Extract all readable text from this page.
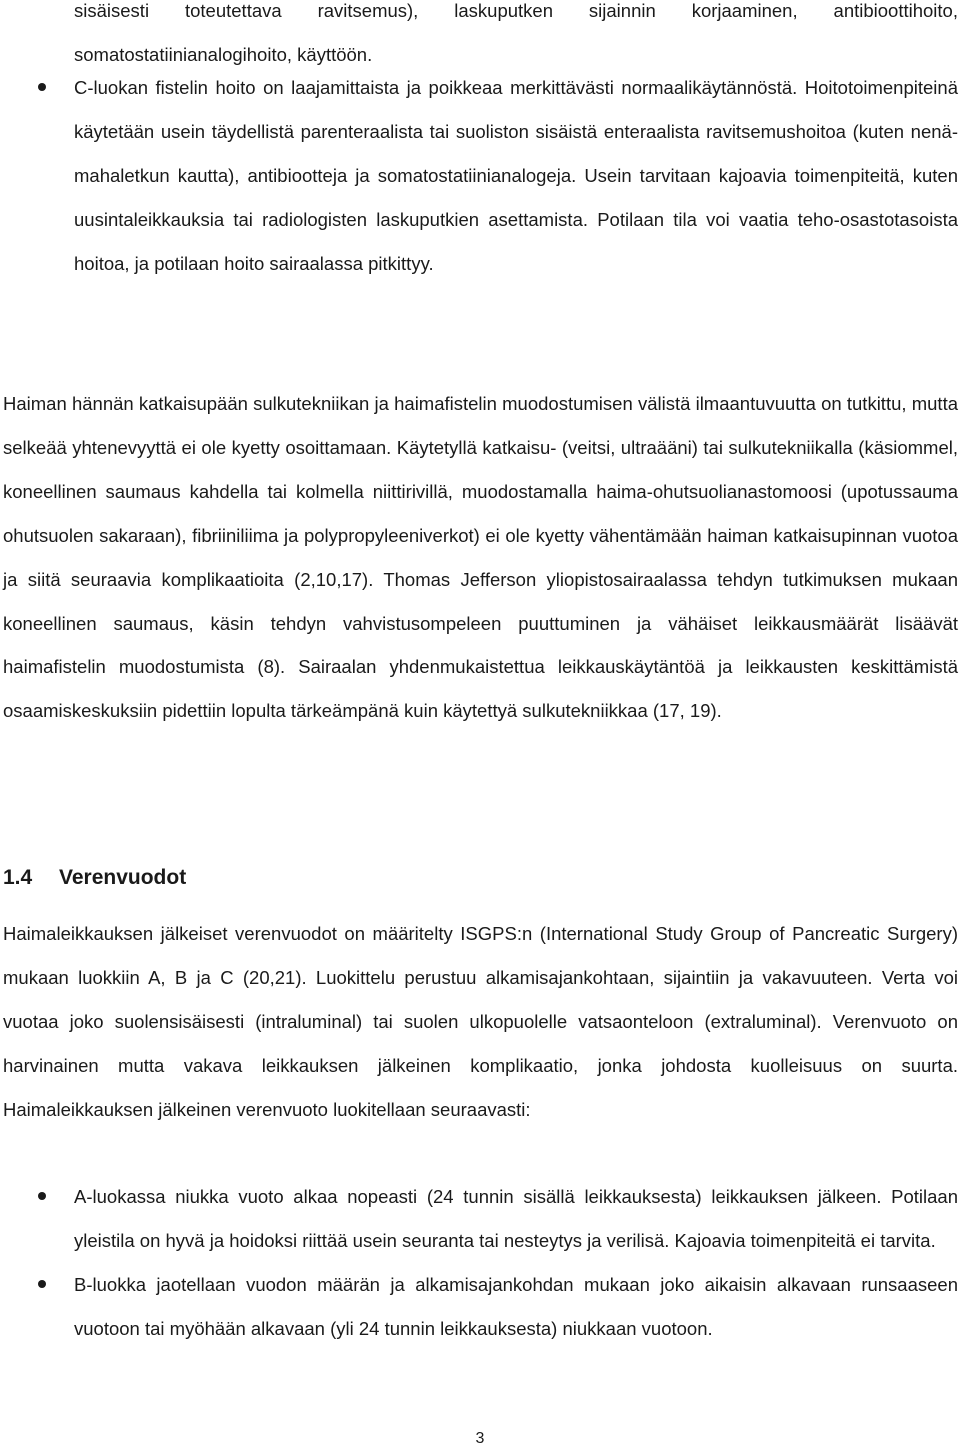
sisäisesti toteutettava ravitsemus), laskuputken sijainnin korjaaminen, antibioottihoito, somatostatiinianalogihoito, käyttöön.

C-luokan fistelin hoito on laajamittaista ja poikkeaa merkittävästi normaalikäytännöstä. Hoitotoimenpiteinä käytetään usein täydellistä parenteraalista tai suoliston sisäistä enteraalista ravitsemushoitoa (kuten nenä-mahaletkun kautta), antibiootteja ja somatostatiinianalogeja. Usein tarvitaan kajoavia toimenpiteitä, kuten uusintaleikkauksia tai radiologisten laskuputkien asettamista. Potilaan tila voi vaatia teho-osastotasoista hoitoa, ja potilaan hoito sairaalassa pitkittyy.

Haiman hännän katkaisupään sulkutekniikan ja haimafistelin muodostumisen välistä ilmaantuvuutta on tutkittu, mutta selkeää yhtenevyyttä ei ole kyetty osoittamaan. Käytetyllä katkaisu- (veitsi, ultraääni) tai sulkutekniikalla (käsiommel, koneellinen saumaus kahdella tai kolmella niittirivillä, muodostamalla haima-ohutsuolianastomoosi (upotussauma ohutsuolen sakaraan), fibriiniliima ja polypropyleeniverkot) ei ole kyetty vähentämään haiman katkaisupinnan vuotoa ja siitä seuraavia komplikaatioita (2,10,17). Thomas Jefferson yliopistosairaalassa tehdyn tutkimuksen mukaan koneellinen saumaus, käsin tehdyn vahvistusompeleen puuttuminen ja vähäiset leikkausmäärät lisäävät haimafistelin muodostumista (8). Sairaalan yhdenmukaistettua leikkauskäytäntöä ja leikkausten keskittämistä osaamiskeskuksiin pidettiin lopulta tärkeämpänä kuin käytettyä sulkutekniikkaa (17, 19).

1.4 Verenvuodot

Haimaleikkauksen jälkeiset verenvuodot on määritelty ISGPS:n (International Study Group of Pancreatic Surgery) mukaan luokkiin A, B ja C (20,21). Luokittelu perustuu alkamisajankohtaan, sijaintiin ja vakavuuteen. Verta voi vuotaa joko suolensisäisesti (intraluminal) tai suolen ulkopuolelle vatsaonteloon (extraluminal). Verenvuoto on harvinainen mutta vakava leikkauksen jälkeinen komplikaatio, jonka johdosta kuolleisuus on suurta. Haimaleikkauksen jälkeinen verenvuoto luokitellaan seuraavasti:

A-luokassa niukka vuoto alkaa nopeasti (24 tunnin sisällä leikkauksesta) leikkauksen jälkeen. Potilaan yleistila on hyvä ja hoidoksi riittää usein seuranta tai nesteytys ja verilisä. Kajoavia toimenpiteitä ei tarvita.
B-luokka jaotellaan vuodon määrän ja alkamisajankohdan mukaan joko aikaisin alkavaan runsaaseen vuotoon tai myöhään alkavaan (yli 24 tunnin leikkauksesta) niukkaan vuotoon.
3
